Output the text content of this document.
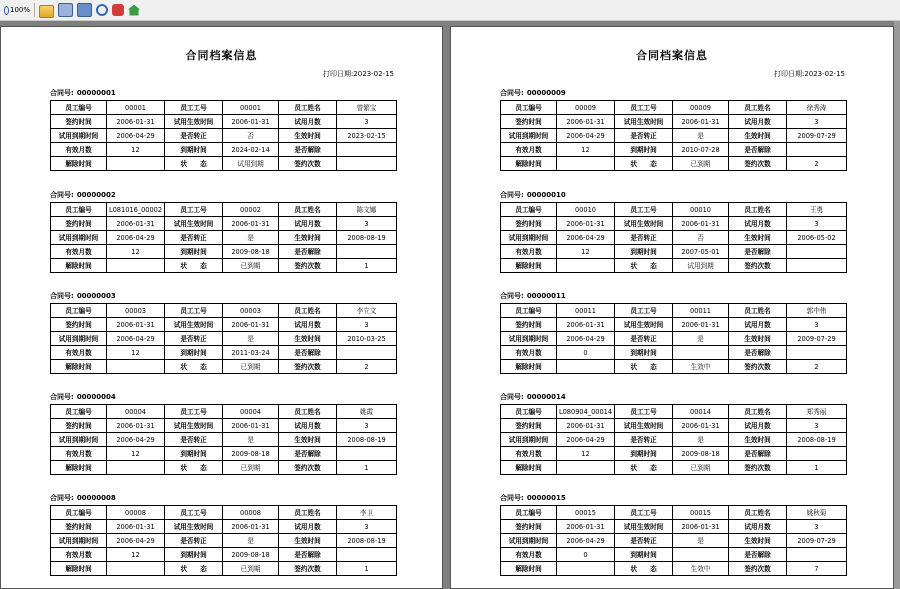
100%
合同档案信息
打印日期:2023-02-15
合同号: 00000001
员工编号	00001	员工工号	00001	员工姓名	曾繁宝
签约时间	2006-01-31	试用生效时间	2006-01-31	试用月数	3
试用到期时间	2006-04-29	是否转正	否	生效时间	2023-02-15
有效月数	12	到期时间	2024-02-14	是否解除	
解除时间		状　　态	试用到期	签约次数	
合同号: 00000002
员工编号	L081016_00002	员工工号	00002	员工姓名	陈文娜
签约时间	2006-01-31	试用生效时间	2006-01-31	试用月数	3
试用到期时间	2006-04-29	是否转正	是	生效时间	2008-08-19
有效月数	12	到期时间	2009-08-18	是否解除	
解除时间		状　　态	已到期	签约次数	1
合同号: 00000003
员工编号	00003	员工工号	00003	员工姓名	李立文
签约时间	2006-01-31	试用生效时间	2006-01-31	试用月数	3
试用到期时间	2006-04-29	是否转正	是	生效时间	2010-03-25
有效月数	12	到期时间	2011-03-24	是否解除	
解除时间		状　　态	已到期	签约次数	2
合同号: 00000004
员工编号	00004	员工工号	00004	员工姓名	姚霞
签约时间	2006-01-31	试用生效时间	2006-01-31	试用月数	3
试用到期时间	2006-04-29	是否转正	是	生效时间	2008-08-19
有效月数	12	到期时间	2009-08-18	是否解除	
解除时间		状　　态	已到期	签约次数	1
合同号: 00000008
员工编号	00008	员工工号	00008	员工姓名	李卫
签约时间	2006-01-31	试用生效时间	2006-01-31	试用月数	3
试用到期时间	2006-04-29	是否转正	是	生效时间	2008-08-19
有效月数	12	到期时间	2009-08-18	是否解除	
解除时间		状　　态	已到期	签约次数	1
合同档案信息
打印日期:2023-02-15
合同号: 00000009
员工编号	00009	员工工号	00009	员工姓名	徐秀涛
签约时间	2006-01-31	试用生效时间	2006-01-31	试用月数	3
试用到期时间	2006-04-29	是否转正	是	生效时间	2009-07-29
有效月数	12	到期时间	2010-07-28	是否解除	
解除时间		状　　态	已到期	签约次数	2
合同号: 00000010
员工编号	00010	员工工号	00010	员工姓名	王勇
签约时间	2006-01-31	试用生效时间	2006-01-31	试用月数	3
试用到期时间	2006-04-29	是否转正	否	生效时间	2006-05-02
有效月数	12	到期时间	2007-05-01	是否解除	
解除时间		状　　态	试用到期	签约次数	
合同号: 00000011
员工编号	00011	员工工号	00011	员工姓名	郭中伟
签约时间	2006-01-31	试用生效时间	2006-01-31	试用月数	3
试用到期时间	2006-04-29	是否转正	是	生效时间	2009-07-29
有效月数	0	到期时间		是否解除	
解除时间		状　　态	生效中	签约次数	2
合同号: 00000014
员工编号	L080904_00014	员工工号	00014	员工姓名	郑秀丽
签约时间	2006-01-31	试用生效时间	2006-01-31	试用月数	3
试用到期时间	2006-04-29	是否转正	是	生效时间	2008-08-19
有效月数	12	到期时间	2009-08-18	是否解除	
解除时间		状　　态	已到期	签约次数	1
合同号: 00000015
员工编号	00015	员工工号	00015	员工姓名	姚秋菊
签约时间	2006-01-31	试用生效时间	2006-01-31	试用月数	3
试用到期时间	2006-04-29	是否转正	是	生效时间	2009-07-29
有效月数	0	到期时间		是否解除	
解除时间		状　　态	生效中	签约次数	7
